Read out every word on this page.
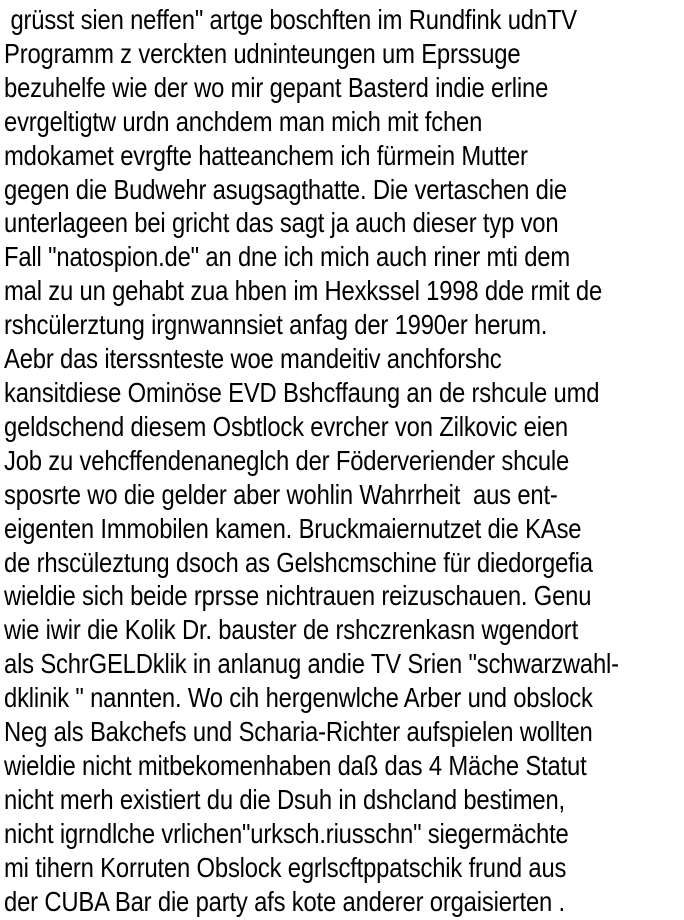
grüsst sien neffen" artge boschften im Rundfink udnTV
Programm z verckten udninteungen um Eprssuge
bezuhelfe wie der wo mir gepant Basterd indie erline
evrgeltigtw urdn anchdem man mich mit fchen
mdokamet evrgfte hatteanchem ich fürmein Mutter
gegen die Budwehr asugsagthatte. Die vertaschen die
unterlageen bei gricht das sagt ja auch dieser typ von
Fall "natospion.de" an dne ich mich auch riner mti dem
mal zu un gehabt zua hben im Hexkssel 1998 dde rmit de
rshcülerztung irgnwannsiet anfag der 1990er herum.
Aebr das iterssnteste woe mandeitiv anchforshc
kansitdiese Ominöse EVD Bshcffaung an de rshcule umd
geldschend diesem Osbtlock evrcher von Zilkovic eien
Job zu vehcffendenaneglch der Föderveriender shcule
sposrte wo die gelder aber wohlin Wahrrheit  aus ent-
eigenten Immobilen kamen. Bruckmaiernutzet die KAse
de rhscüleztung dsoch as Gelshcmschine für diedorgefia
wieldie sich beide rprsse nichtrauen reizuschauen. Genu
wie iwir die Kolik Dr. bauster de rshczrenkasn wgendort
als SchrGELDklik in anlanug andie TV Srien "schwarzwahl-
dklinik " nannten. Wo cih hergenwlche Arber und obslock
Neg als Bakchefs und Scharia-Richter aufspielen wollten
wieldie nicht mitbekomenhaben daß das 4 Mäche Statut
nicht merh existiert du die Dsuh in dshcland bestimen,
nicht igrndlche vrlichen"urksch.riusschn" siegermächte
mi tihern Korruten Obslock egrlscftppatschik frund aus
der CUBA Bar die party afs kote anderer orgaisierten .
